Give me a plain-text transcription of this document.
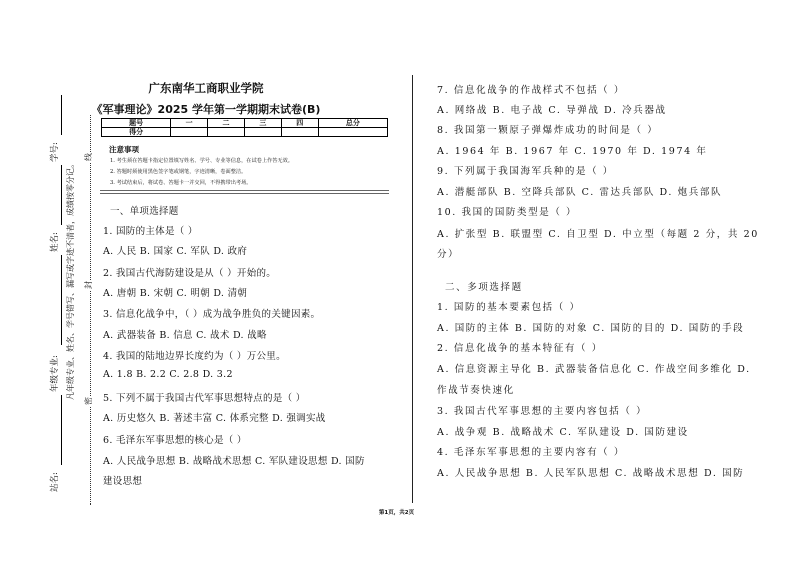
站名:
年级专业:
姓名:
学号:
凡年级专业、姓名、学号错写、漏写或字迹不清者，成绩按零分记。
密
封
线
广东南华工商职业学院
《军事理论》2025 学年第一学期期末试卷(B)
题号	一	二	三	四	总分
得分					
注意事项
1. 考生须在答题卡指定位置填写姓名、学号、专业等信息，在试卷上作答无效。
2. 答题时须使用黑色签字笔或钢笔，字迹清晰，卷面整洁。
3. 考试结束后，将试卷、答题卡一并交回，不得携带出考场。
第1页，共2页
一、单项选择题
1. 国防的主体是（ ）
A. 人民 B. 国家 C. 军队 D. 政府
2. 我国古代海防建设是从（ ）开始的。
A. 唐朝 B. 宋朝 C. 明朝 D. 清朝
3. 信息化战争中，（ ）成为战争胜负的关键因素。
A. 武器装备 B. 信息 C. 战术 D. 战略
4. 我国的陆地边界长度约为（ ）万公里。
A. 1.8 B. 2.2 C. 2.8 D. 3.2
5. 下列不属于我国古代军事思想特点的是（ ）
A. 历史悠久 B. 著述丰富 C. 体系完整 D. 强调实战
6. 毛泽东军事思想的核心是（ ）
A. 人民战争思想 B. 战略战术思想 C. 军队建设思想 D. 国防
建设思想
7. 信息化战争的作战样式不包括（ ）
A. 网络战 B. 电子战 C. 导弹战 D. 冷兵器战
8. 我国第一颗原子弹爆炸成功的时间是（ ）
A. 1964 年 B. 1967 年 C. 1970 年 D. 1974 年
9. 下列属于我国海军兵种的是（ ）
A. 潜艇部队 B. 空降兵部队 C. 雷达兵部队 D. 炮兵部队
10. 我国的国防类型是（ ）
A. 扩张型 B. 联盟型 C. 自卫型 D. 中立型（每题 2 分，共 20
分）
二、多项选择题
1. 国防的基本要素包括（ ）
A. 国防的主体 B. 国防的对象 C. 国防的目的 D. 国防的手段
2. 信息化战争的基本特征有（ ）
A. 信息资源主导化 B. 武器装备信息化 C. 作战空间多维化 D.
作战节奏快速化
3. 我国古代军事思想的主要内容包括（ ）
A. 战争观 B. 战略战术 C. 军队建设 D. 国防建设
4. 毛泽东军事思想的主要内容有（ ）
A. 人民战争思想 B. 人民军队思想 C. 战略战术思想 D. 国防
